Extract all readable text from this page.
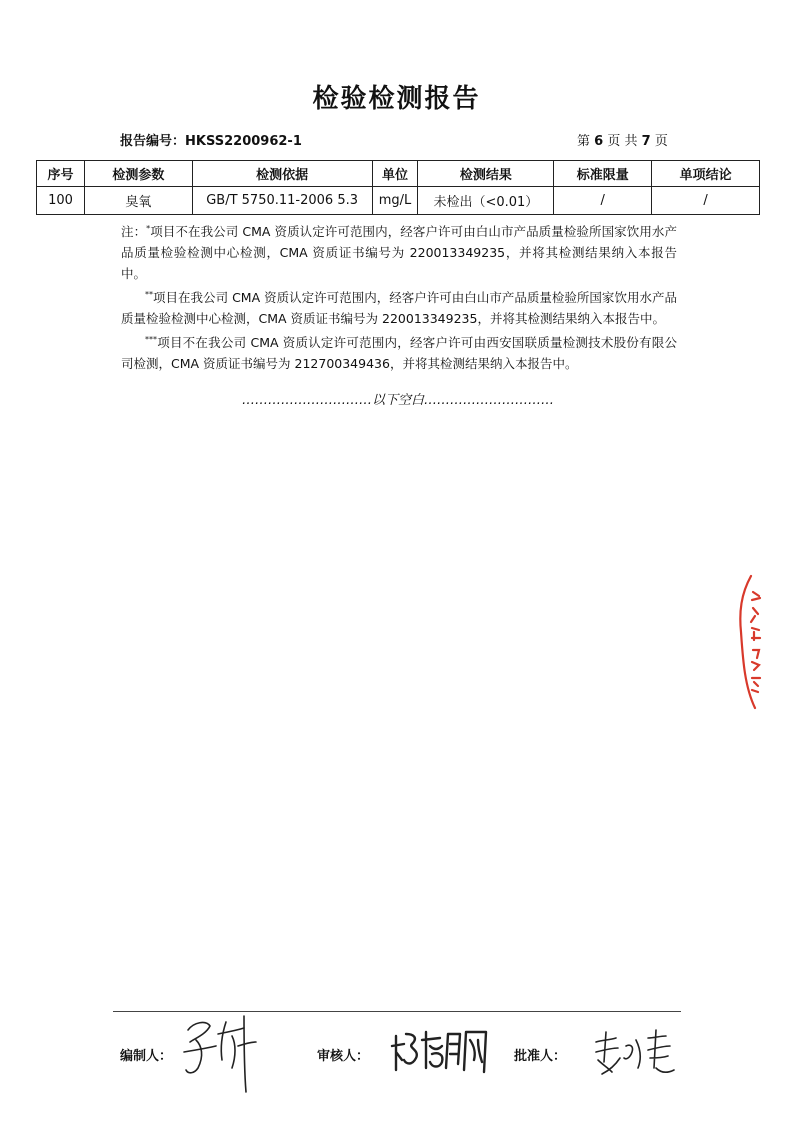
检验检测报告
报告编号：HKSS2200962-1	第 6 页 共 7 页
序号	检测参数	检测依据	单位	检测结果	标准限量	单项结论
100	臭氧	GB/T 5750.11-2006 5.3	mg/L	未检出（<0.01）	/	/

注：*项目不在我公司 CMA 资质认定许可范围内，经客户许可由白山市产品质量检验所国家饮用水产品质量检验检测中心检测，CMA 资质证书编号为 220013349235，并将其检测结果纳入本报告中。

**项目在我公司 CMA 资质认定许可范围内，经客户许可由白山市产品质量检验所国家饮用水产品质量检验检测中心检测，CMA 资质证书编号为 220013349235，并将其检测结果纳入本报告中。

***项目不在我公司 CMA 资质认定许可范围内，经客户许可由西安国联质量检测技术股份有限公司检测，CMA 资质证书编号为 212700349436，并将其检测结果纳入本报告中。

…………………………以下空白…………………………
编制人：	审核人：	批准人：
